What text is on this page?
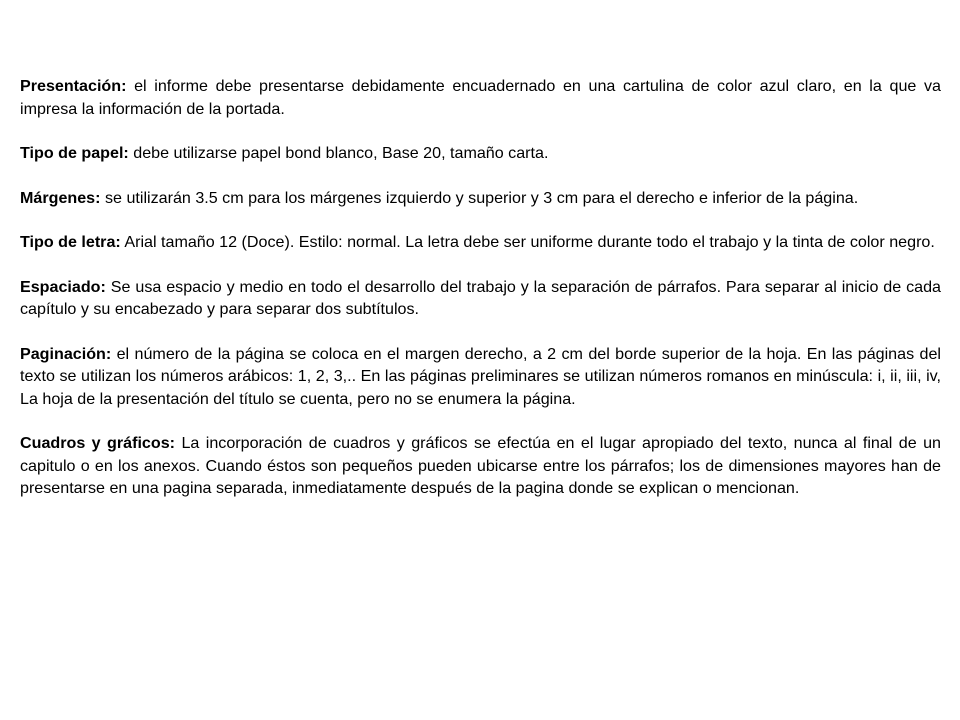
Presentación: el informe debe presentarse debidamente encuadernado en una cartulina de color azul claro, en la que va impresa la información de la portada.

Tipo de papel: debe utilizarse papel bond blanco, Base 20, tamaño carta.

Márgenes: se utilizarán 3.5 cm para los márgenes izquierdo y superior y 3 cm para el derecho e inferior de la página.

Tipo de letra: Arial tamaño 12 (Doce). Estilo: normal. La letra debe ser uniforme durante todo el trabajo y la tinta de color negro.

Espaciado: Se usa espacio y medio en todo el desarrollo del trabajo y la separación de párrafos. Para separar al inicio de cada capítulo y su encabezado y para separar dos subtítulos.

Paginación: el número de la página se coloca en el margen derecho, a 2 cm del borde superior de la hoja. En las páginas del texto se utilizan los números arábicos: 1, 2, 3,.. En las páginas preliminares se utilizan números romanos en minúscula: i, ii, iii, iv, La hoja de la presentación del título se cuenta, pero no se enumera la página.

Cuadros y gráficos: La incorporación de cuadros y gráficos se efectúa en el lugar apropiado del texto, nunca al final de un capitulo o en los anexos. Cuando éstos son pequeños pueden ubicarse entre los párrafos; los de dimensiones mayores han de presentarse en una pagina separada, inmediatamente después de la pagina donde se explican o mencionan.
